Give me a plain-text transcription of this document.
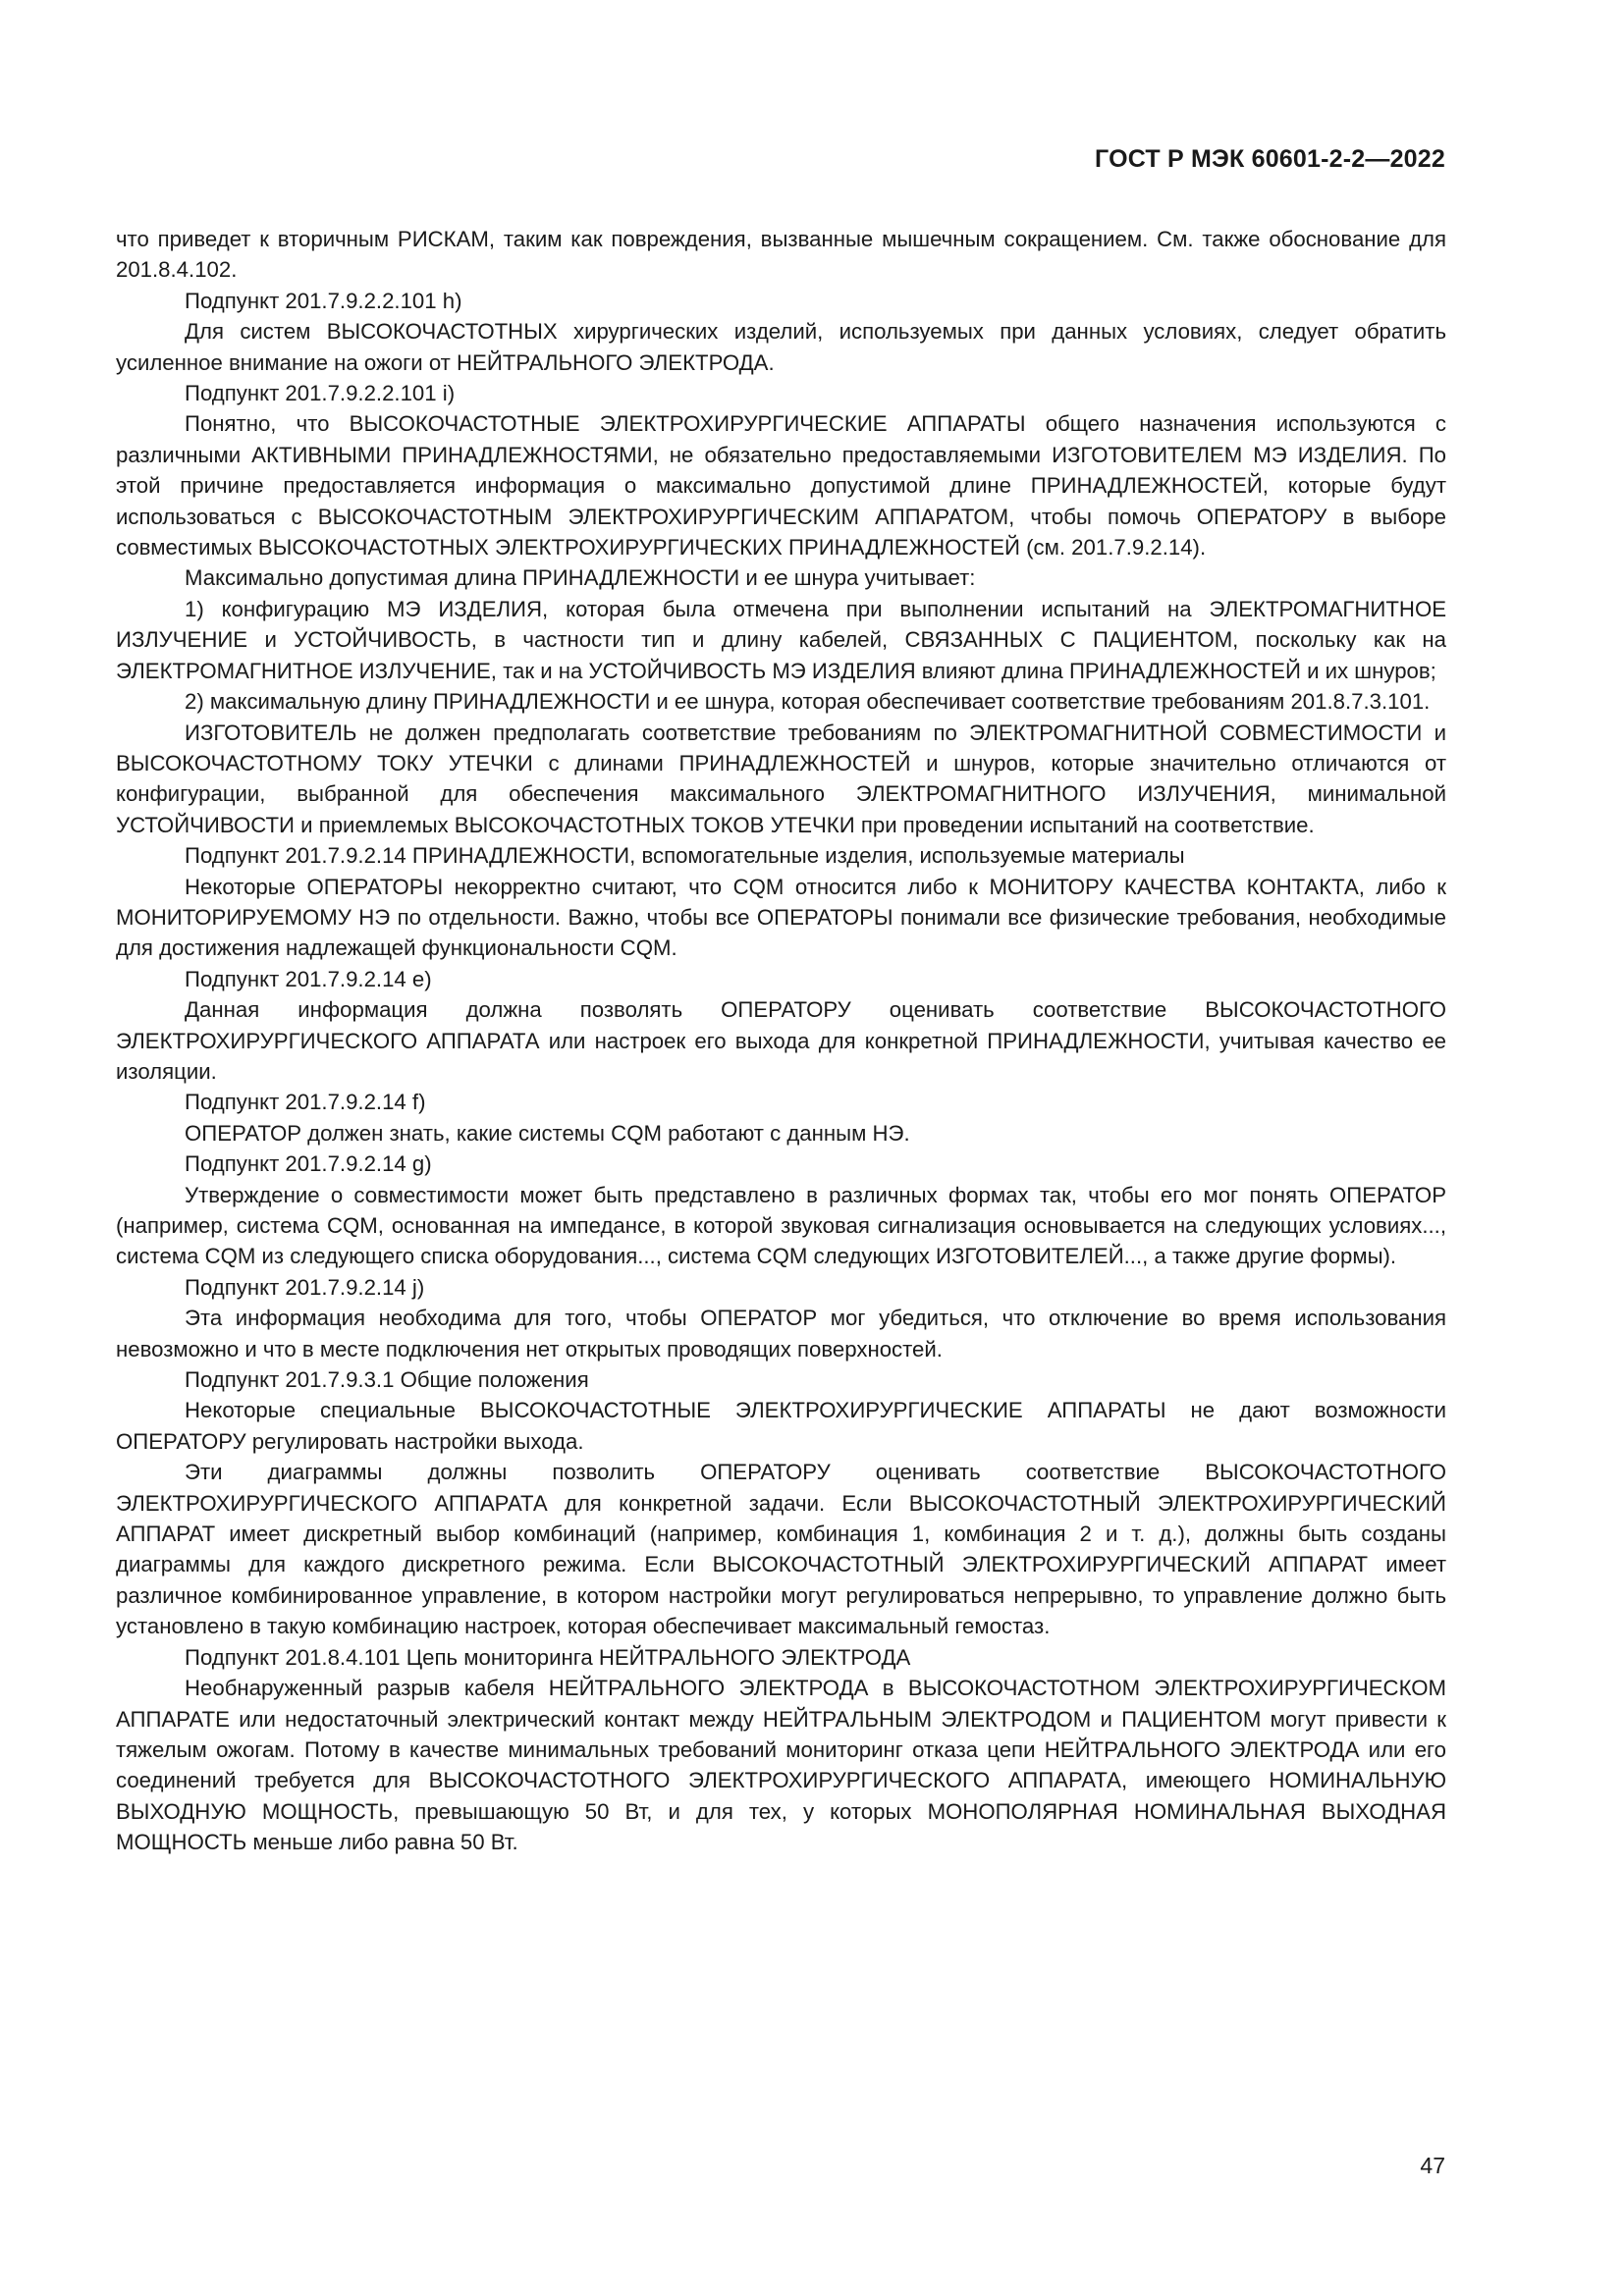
ГОСТ Р МЭК 60601-2-2—2022

что приведет к вторичным РИСКАМ, таким как повреждения, вызванные мышечным сокращением. См. также обоснование для 201.8.4.102.

Подпункт 201.7.9.2.2.101 h)

Для систем ВЫСОКОЧАСТОТНЫХ хирургических изделий, используемых при данных условиях, следует обратить усиленное внимание на ожоги от НЕЙТРАЛЬНОГО ЭЛЕКТРОДА.

Подпункт 201.7.9.2.2.101 i)

Понятно, что ВЫСОКОЧАСТОТНЫЕ ЭЛЕКТРОХИРУРГИЧЕСКИЕ АППАРАТЫ общего назначения используются с различными АКТИВНЫМИ ПРИНАДЛЕЖНОСТЯМИ, не обязательно предоставляемыми ИЗГОТОВИТЕЛЕМ МЭ ИЗДЕЛИЯ. По этой причине предоставляется информация о максимально допустимой длине ПРИНАДЛЕЖНОСТЕЙ, которые будут использоваться с ВЫСОКОЧАСТОТНЫМ ЭЛЕКТРОХИРУРГИЧЕСКИМ АППАРАТОМ, чтобы помочь ОПЕРАТОРУ в выборе совместимых ВЫСОКОЧАСТОТНЫХ ЭЛЕКТРОХИРУРГИЧЕСКИХ ПРИНАДЛЕЖНОСТЕЙ (см. 201.7.9.2.14).

Максимально допустимая длина ПРИНАДЛЕЖНОСТИ и ее шнура учитывает:

1) конфигурацию МЭ ИЗДЕЛИЯ, которая была отмечена при выполнении испытаний на ЭЛЕКТРОМАГНИТНОЕ ИЗЛУЧЕНИЕ и УСТОЙЧИВОСТЬ, в частности тип и длину кабелей, СВЯЗАННЫХ С ПАЦИЕНТОМ, поскольку как на ЭЛЕКТРОМАГНИТНОЕ ИЗЛУЧЕНИЕ, так и на УСТОЙЧИВОСТЬ МЭ ИЗДЕЛИЯ влияют длина ПРИНАДЛЕЖНОСТЕЙ и их шнуров;

2) максимальную длину ПРИНАДЛЕЖНОСТИ и ее шнура, которая обеспечивает соответствие требованиям 201.8.7.3.101.

ИЗГОТОВИТЕЛЬ не должен предполагать соответствие требованиям по ЭЛЕКТРОМАГНИТНОЙ СОВМЕСТИМОСТИ и ВЫСОКОЧАСТОТНОМУ ТОКУ УТЕЧКИ с длинами ПРИНАДЛЕЖНОСТЕЙ и шнуров, которые значительно отличаются от конфигурации, выбранной для обеспечения максимального ЭЛЕКТРОМАГНИТНОГО ИЗЛУЧЕНИЯ, минимальной УСТОЙЧИВОСТИ и приемлемых ВЫСОКОЧАСТОТНЫХ ТОКОВ УТЕЧКИ при проведении испытаний на соответствие.

Подпункт 201.7.9.2.14 ПРИНАДЛЕЖНОСТИ, вспомогательные изделия, используемые материалы

Некоторые ОПЕРАТОРЫ некорректно считают, что CQM относится либо к МОНИТОРУ КАЧЕСТВА КОНТАКТА, либо к МОНИТОРИРУЕМОМУ НЭ по отдельности. Важно, чтобы все ОПЕРАТОРЫ понимали все физические требования, необходимые для достижения надлежащей функциональности CQM.

Подпункт 201.7.9.2.14 e)

Данная информация должна позволять ОПЕРАТОРУ оценивать соответствие ВЫСОКОЧАСТОТНОГО ЭЛЕКТРОХИРУРГИЧЕСКОГО АППАРАТА или настроек его выхода для конкретной ПРИНАДЛЕЖНОСТИ, учитывая качество ее изоляции.

Подпункт 201.7.9.2.14 f)

ОПЕРАТОР должен знать, какие системы CQM работают с данным НЭ.

Подпункт 201.7.9.2.14 g)

Утверждение о совместимости может быть представлено в различных формах так, чтобы его мог понять ОПЕРАТОР (например, система CQM, основанная на импедансе, в которой звуковая сигнализация основывается на следующих условиях..., система CQM из следующего списка оборудования..., система CQM следующих ИЗГОТОВИТЕЛЕЙ..., а также другие формы).

Подпункт 201.7.9.2.14 j)

Эта информация необходима для того, чтобы ОПЕРАТОР мог убедиться, что отключение во время использования невозможно и что в месте подключения нет открытых проводящих поверхностей.

Подпункт 201.7.9.3.1 Общие положения

Некоторые специальные ВЫСОКОЧАСТОТНЫЕ ЭЛЕКТРОХИРУРГИЧЕСКИЕ АППАРАТЫ не дают возможности ОПЕРАТОРУ регулировать настройки выхода.

Эти диаграммы должны позволить ОПЕРАТОРУ оценивать соответствие ВЫСОКОЧАСТОТНОГО ЭЛЕКТРОХИРУРГИЧЕСКОГО АППАРАТА для конкретной задачи. Если ВЫСОКОЧАСТОТНЫЙ ЭЛЕКТРОХИРУРГИЧЕСКИЙ АППАРАТ имеет дискретный выбор комбинаций (например, комбинация 1, комбинация 2 и т. д.), должны быть созданы диаграммы для каждого дискретного режима. Если ВЫСОКОЧАСТОТНЫЙ ЭЛЕКТРОХИРУРГИЧЕСКИЙ АППАРАТ имеет различное комбинированное управление, в котором настройки могут регулироваться непрерывно, то управление должно быть установлено в такую комбинацию настроек, которая обеспечивает максимальный гемостаз.

Подпункт 201.8.4.101 Цепь мониторинга НЕЙТРАЛЬНОГО ЭЛЕКТРОДА

Необнаруженный разрыв кабеля НЕЙТРАЛЬНОГО ЭЛЕКТРОДА в ВЫСОКОЧАСТОТНОМ ЭЛЕКТРОХИРУРГИЧЕСКОМ АППАРАТЕ или недостаточный электрический контакт между НЕЙТРАЛЬНЫМ ЭЛЕКТРОДОМ и ПАЦИЕНТОМ могут привести к тяжелым ожогам. Потому в качестве минимальных требований мониторинг отказа цепи НЕЙТРАЛЬНОГО ЭЛЕКТРОДА или его соединений требуется для ВЫСОКОЧАСТОТНОГО ЭЛЕКТРОХИРУРГИЧЕСКОГО АППАРАТА, имеющего НОМИНАЛЬНУЮ ВЫХОДНУЮ МОЩНОСТЬ, превышающую 50 Вт, и для тех, у которых МОНОПОЛЯРНАЯ НОМИНАЛЬНАЯ ВЫХОДНАЯ МОЩНОСТЬ меньше либо равна 50 Вт.

47
